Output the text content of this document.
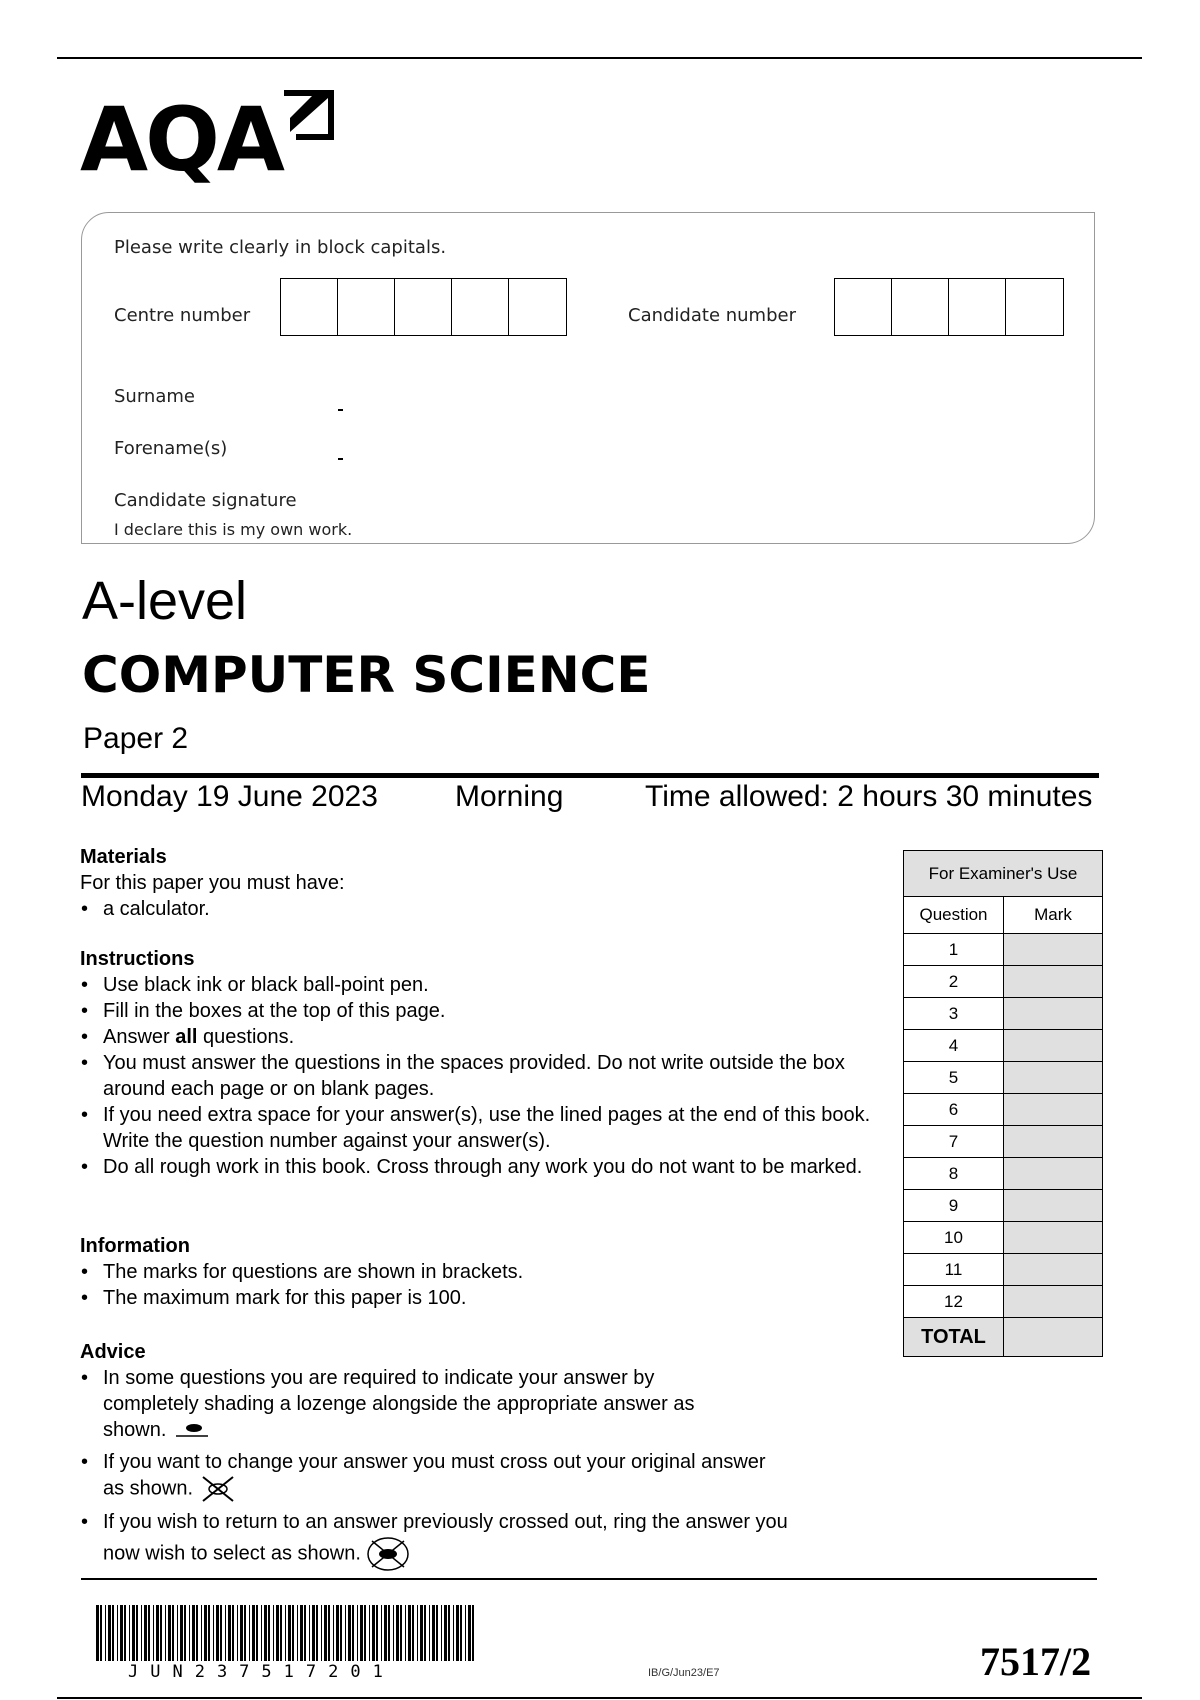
AQA
Please write clearly in block capitals.
Centre number	Candidate number
Surname
Forename(s)
Candidate signature
I declare this is my own work.
A-level
COMPUTER SCIENCE
Paper 2
Monday 19 June 2023	Morning	Time allowed: 2 hours 30 minutes
Materials
For this paper you must have:
• a calculator.
Instructions
• Use black ink or black ball-point pen.
• Fill in the boxes at the top of this page.
• Answer all questions.
• You must answer the questions in the spaces provided. Do not write outside the box around each page or on blank pages.
• If you need extra space for your answer(s), use the lined pages at the end of this book. Write the question number against your answer(s).
• Do all rough work in this book. Cross through any work you do not want to be marked.
Information
• The marks for questions are shown in brackets.
• The maximum mark for this paper is 100.
Advice
• In some questions you are required to indicate your answer by completely shading a lozenge alongside the appropriate answer as shown.
• If you want to change your answer you must cross out your original answer as shown.
• If you wish to return to an answer previously crossed out, ring the answer you now wish to select as shown.
For Examiner's Use	
Question	Mark
1	
2	
3	
4	
5	
6	
7	
8	
9	
10	
11	
12	
TOTAL	
JUN237517201	IB/G/Jun23/E7	7517/2
